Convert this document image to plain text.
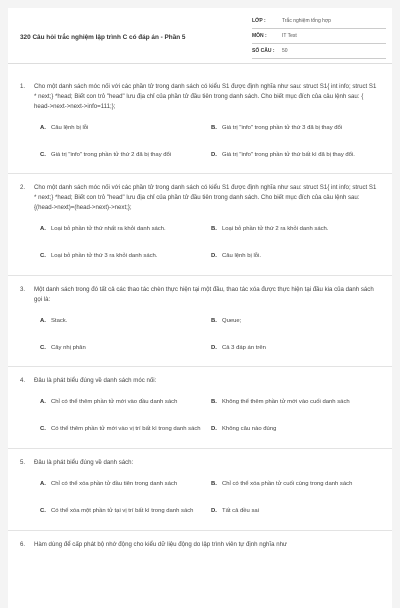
320 Câu hỏi trắc nghiệm lập trình C có đáp án - Phần 5
LỚP :	Trắc nghiệm tổng hợp
MÔN :	IT Test
SỐ CÂU :	50
1.	Cho một danh sách móc nối với các phần tử trong danh sách có kiểu S1 được định nghĩa như sau: struct S1{ int info; struct S1 * next;} *head; Biết con trỏ "head" lưu địa chỉ của phần tử đầu tiên trong danh sách. Cho biết mục đích của câu lệnh sau: { head->next->next->info=111;};
A. Câu lệnh bị lỗi	B. Giá trị "info" trong phần tử thứ 3 đã bị thay đổi
C. Giá trị "info" trong phần tử thứ 2 đã bị thay đổi	D. Giá trị "info" trong phần tử thứ bất kì đã bị thay đổi.
2.	Cho một danh sách móc nối với các phần tử trong danh sách có kiểu S1 được định nghĩa như sau: struct S1{ int info; struct S1 * next;} *head; Biết con trỏ "head" lưu địa chỉ của phần tử đầu tiên trong danh sách. Cho biết mục đích của câu lệnh sau: {(head->next)=(head->next)->next;};
A. Loại bỏ phần tử thứ nhất ra khỏi danh sách.	B. Loại bỏ phần tử thứ 2 ra khỏi danh sách.
C. Loại bỏ phần tử thứ 3 ra khỏi danh sách.	D. Câu lệnh bị lỗi.
3.	Một danh sách trong đó tất cả các thao tác chèn thực hiện tại một đầu, thao tác xóa được thực hiện tại đầu kia của danh sách gọi là:
A. Stack.	B. Queue;
C. Cây nhị phân	D. Cả 3 đáp án trên
4.	Đâu là phát biểu đúng về danh sách móc nối:
A. Chỉ có thể thêm phần tử mới vào đầu danh sách	B. Không thể thêm phần tử mới vào cuối danh sách
C. Có thể thêm phần tử mới vào vị trí bất kì trong danh sách	D. Không câu nào đúng
5.	Đâu là phát biểu đúng về danh sách:
A. Chỉ có thể xóa phần tử đầu tiên trong danh sách	B. Chỉ có thể xóa phần tử cuối cùng trong danh sách
C. Có thể xóa một phần tử tại vị trí bất kì trong danh sách	D. Tất cả đều sai
6.	Hàm dùng để cấp phát bộ nhớ động cho kiểu dữ liệu động do lập trình viên tự định nghĩa như
